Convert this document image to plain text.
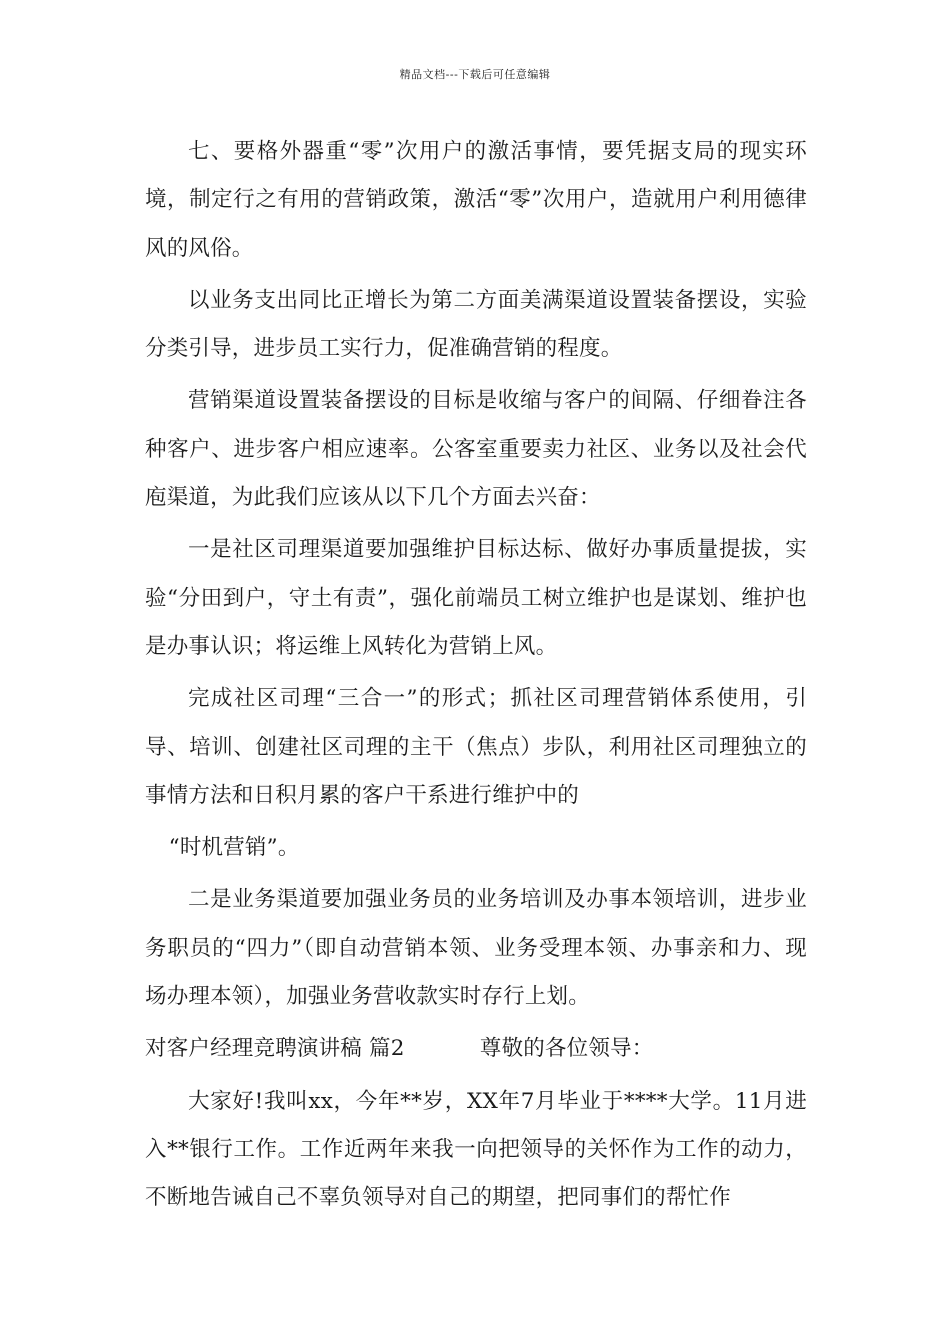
精品文档---下载后可任意编辑

七、要格外器重“零”次用户的激活事情，要凭据支局的现实环境，制定行之有用的营销政策，激活“零”次用户，造就用户利用德律风的风俗。

以业务支出同比正增长为第二方面美满渠道设置装备摆设，实验分类引导，进步员工实行力，促准确营销的程度。

营销渠道设置装备摆设的目标是收缩与客户的间隔、仔细眷注各种客户、进步客户相应速率。公客室重要卖力社区、业务以及社会代庖渠道，为此我们应该从以下几个方面去兴奋：

一是社区司理渠道要加强维护目标达标、做好办事质量提拔，实验“分田到户，守土有责”，强化前端员工树立维护也是谋划、维护也是办事认识；将运维上风转化为营销上风。

完成社区司理“三合一”的形式；抓社区司理营销体系使用，引导、培训、创建社区司理的主干（焦点）步队，利用社区司理独立的事情方法和日积月累的客户干系进行维护中的

“时机营销”。

二是业务渠道要加强业务员的业务培训及办事本领培训，进步业务职员的“四力”（即自动营销本领、业务受理本领、办事亲和力、现场办理本领），加强业务营收款实时存行上划。

对客户经理竞聘演讲稿 篇2	尊敬的各位领导：

大家好!我叫xx，今年**岁，XX年7月毕业于****大学。11月进入**银行工作。工作近两年来我一向把领导的关怀作为工作的动力，不断地告诫自己不辜负领导对自己的期望，把同事们的帮忙作
